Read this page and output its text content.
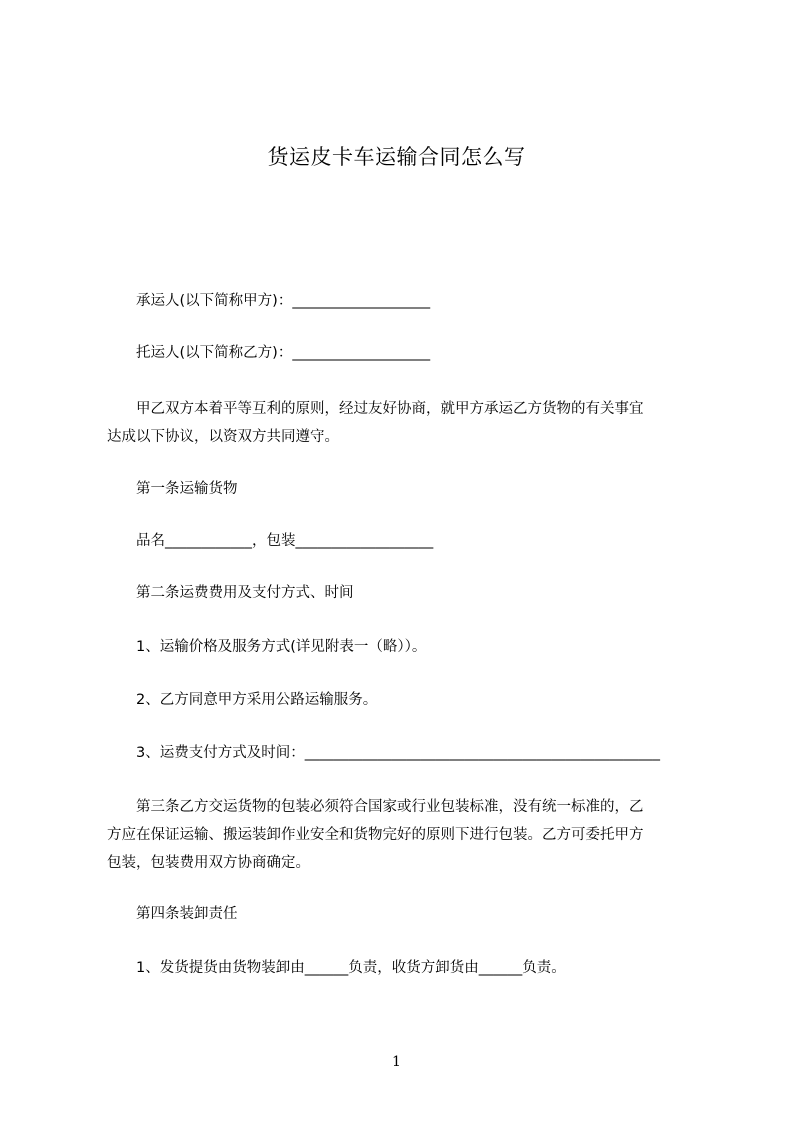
货运皮卡车运输合同怎么写
承运人(以下简称甲方)：___________________
托运人(以下简称乙方)：___________________
甲乙双方本着平等互利的原则，经过友好协商，就甲方承运乙方货物的有关事宜
达成以下协议，以资双方共同遵守。
第一条运输货物
品名____________，包装___________________
第二条运费费用及支付方式、时间
1、运输价格及服务方式(详见附表一（略））。
2、乙方同意甲方采用公路运输服务。
3、运费支付方式及时间：_________________________________________________
第三条乙方交运货物的包装必须符合国家或行业包装标准，没有统一标准的，乙
方应在保证运输、搬运装卸作业安全和货物完好的原则下进行包装。乙方可委托甲方
包装，包装费用双方协商确定。
第四条装卸责任
1、发货提货由货物装卸由______负责，收货方卸货由______负责。
1
